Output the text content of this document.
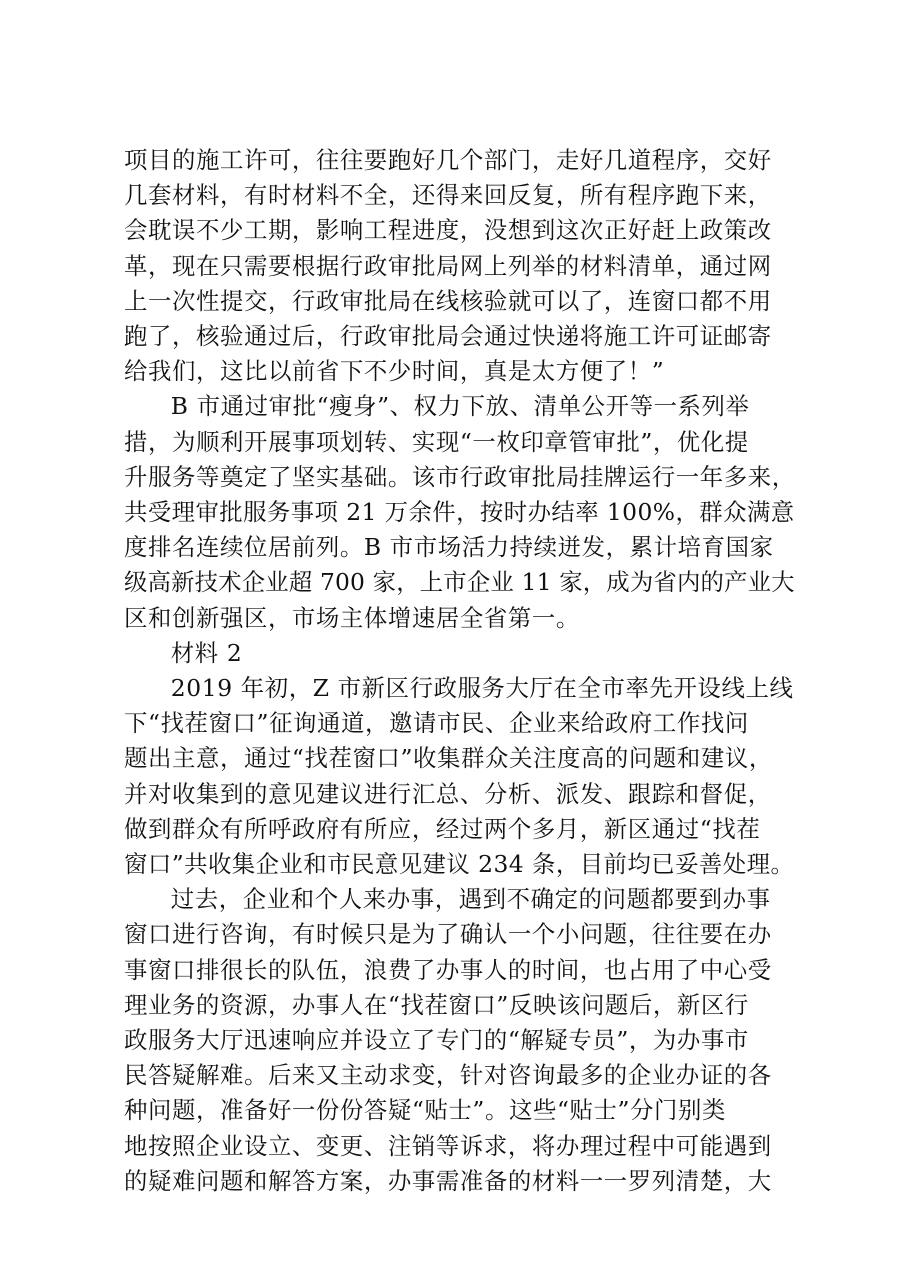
项目的施工许可，往往要跑好几个部门，走好几道程序，交好
几套材料，有时材料不全，还得来回反复，所有程序跑下来，
会耽误不少工期，影响工程进度，没想到这次正好赶上政策改
革，现在只需要根据行政审批局网上列举的材料清单，通过网
上一次性提交，行政审批局在线核验就可以了，连窗口都不用
跑了，核验通过后，行政审批局会通过快递将施工许可证邮寄
给我们，这比以前省下不少时间，真是太方便了！”
B 市通过审批“瘦身”、权力下放、清单公开等一系列举
措，为顺利开展事项划转、实现“一枚印章管审批”，优化提
升服务等奠定了坚实基础。该市行政审批局挂牌运行一年多来，
共受理审批服务事项 21 万余件，按时办结率 100%，群众满意
度排名连续位居前列。B 市市场活力持续迸发，累计培育国家
级高新技术企业超 700 家，上市企业 11 家，成为省内的产业大
区和创新强区，市场主体增速居全省第一。
材料 2
2019 年初，Z 市新区行政服务大厅在全市率先开设线上线
下“找茬窗口”征询通道，邀请市民、企业来给政府工作找问
题出主意，通过“找茬窗口”收集群众关注度高的问题和建议，
并对收集到的意见建议进行汇总、分析、派发、跟踪和督促，
做到群众有所呼政府有所应，经过两个多月，新区通过“找茬
窗口”共收集企业和市民意见建议 234 条，目前均已妥善处理。
过去，企业和个人来办事，遇到不确定的问题都要到办事
窗口进行咨询，有时候只是为了确认一个小问题，往往要在办
事窗口排很长的队伍，浪费了办事人的时间，也占用了中心受
理业务的资源，办事人在“找茬窗口”反映该问题后，新区行
政服务大厅迅速响应并设立了专门的“解疑专员”，为办事市
民答疑解难。后来又主动求变，针对咨询最多的企业办证的各
种问题，准备好一份份答疑“贴士”。这些“贴士”分门别类
地按照企业设立、变更、注销等诉求，将办理过程中可能遇到
的疑难问题和解答方案，办事需准备的材料一一罗列清楚，大
